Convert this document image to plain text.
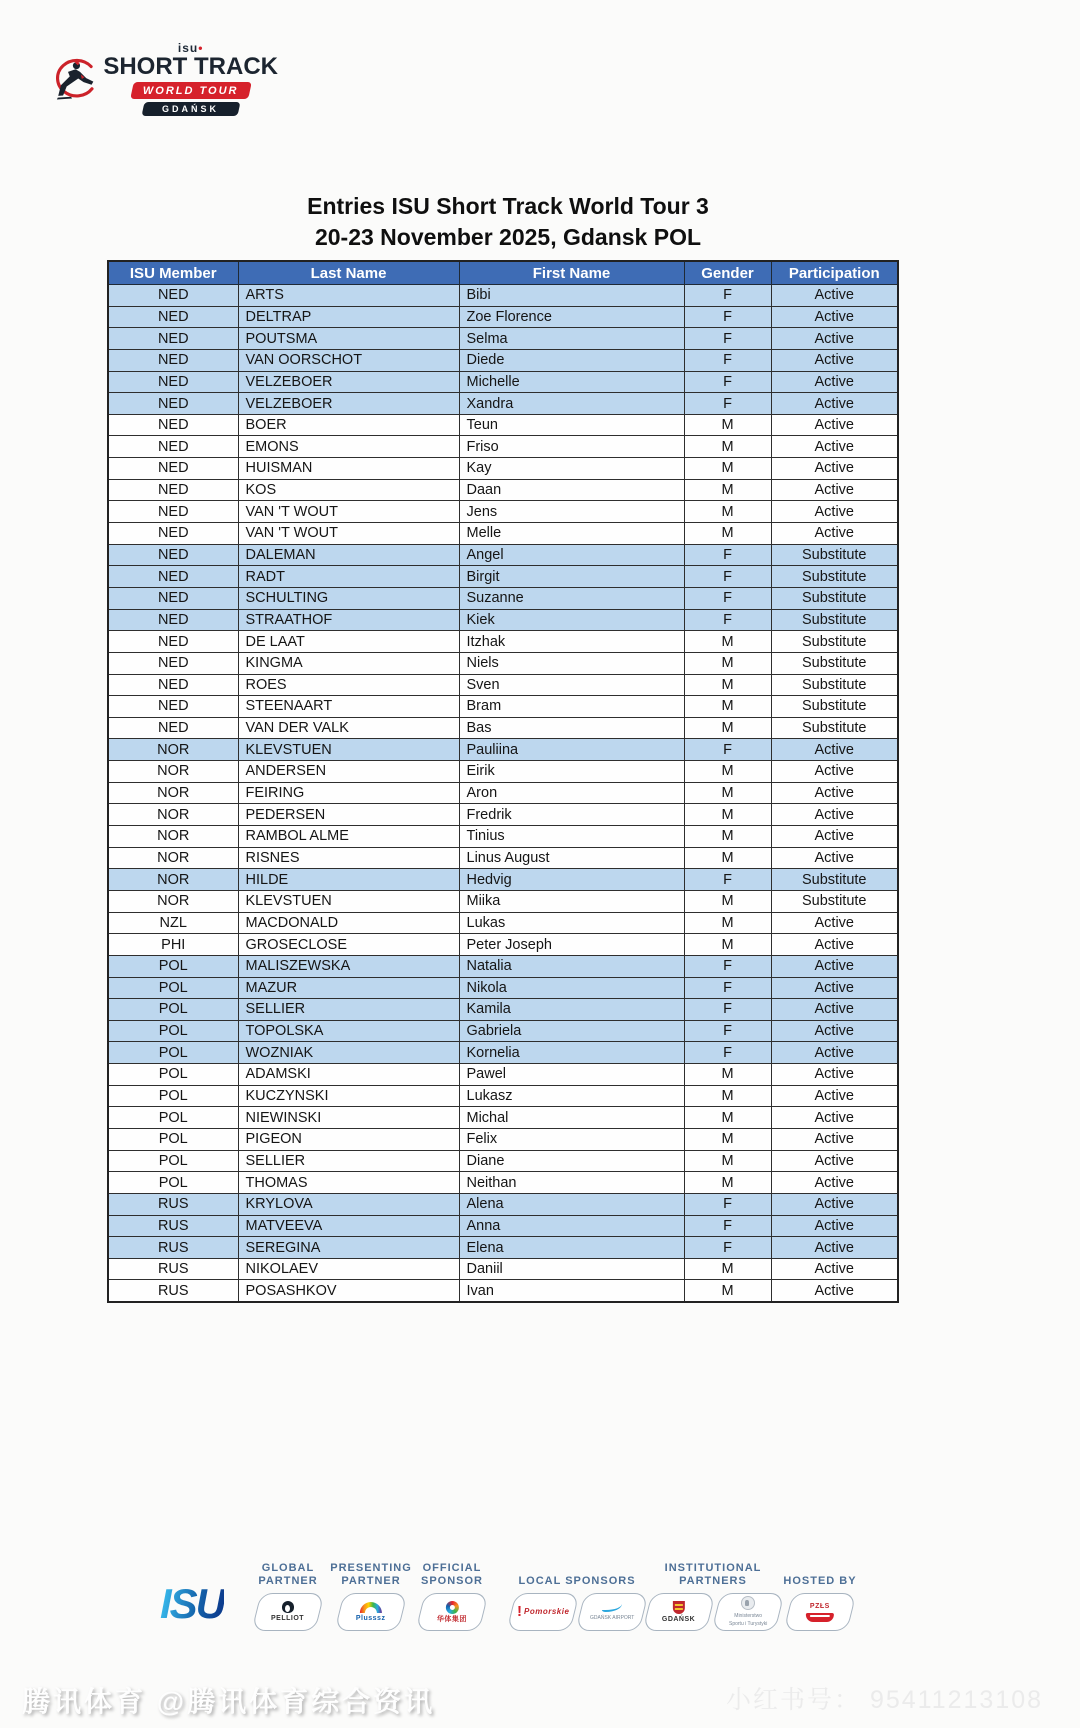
isu•
SHORT TRACK
WORLD TOUR
GDAŃSK
Entries ISU Short Track World Tour 3
20-23 November 2025, Gdansk POL
ISU Member	Last Name	First Name	Gender	Participation
NED	ARTS	Bibi	F	Active
NED	DELTRAP	Zoe Florence	F	Active
NED	POUTSMA	Selma	F	Active
NED	VAN OORSCHOT	Diede	F	Active
NED	VELZEBOER	Michelle	F	Active
NED	VELZEBOER	Xandra	F	Active
NED	BOER	Teun	M	Active
NED	EMONS	Friso	M	Active
NED	HUISMAN	Kay	M	Active
NED	KOS	Daan	M	Active
NED	VAN 'T WOUT	Jens	M	Active
NED	VAN 'T WOUT	Melle	M	Active
NED	DALEMAN	Angel	F	Substitute
NED	RADT	Birgit	F	Substitute
NED	SCHULTING	Suzanne	F	Substitute
NED	STRAATHOF	Kiek	F	Substitute
NED	DE LAAT	Itzhak	M	Substitute
NED	KINGMA	Niels	M	Substitute
NED	ROES	Sven	M	Substitute
NED	STEENAART	Bram	M	Substitute
NED	VAN DER VALK	Bas	M	Substitute
NOR	KLEVSTUEN	Pauliina	F	Active
NOR	ANDERSEN	Eirik	M	Active
NOR	FEIRING	Aron	M	Active
NOR	PEDERSEN	Fredrik	M	Active
NOR	RAMBOL ALME	Tinius	M	Active
NOR	RISNES	Linus August	M	Active
NOR	HILDE	Hedvig	F	Substitute
NOR	KLEVSTUEN	Miika	M	Substitute
NZL	MACDONALD	Lukas	M	Active
PHI	GROSECLOSE	Peter Joseph	M	Active
POL	MALISZEWSKA	Natalia	F	Active
POL	MAZUR	Nikola	F	Active
POL	SELLIER	Kamila	F	Active
POL	TOPOLSKA	Gabriela	F	Active
POL	WOZNIAK	Kornelia	F	Active
POL	ADAMSKI	Pawel	M	Active
POL	KUCZYNSKI	Lukasz	M	Active
POL	NIEWINSKI	Michal	M	Active
POL	PIGEON	Felix	M	Active
POL	SELLIER	Diane	M	Active
POL	THOMAS	Neithan	M	Active
RUS	KRYLOVA	Alena	F	Active
RUS	MATVEEVA	Anna	F	Active
RUS	SEREGINA	Elena	F	Active
RUS	NIKOLAEV	Daniil	M	Active
RUS	POSASHKOV	Ivan	M	Active
ISU
GLOBAL
PARTNER
PELLIOT
PRESENTING
PARTNER
Plusssz
OFFICIAL
SPONSOR
华体集团
LOCAL SPONSORS
! Pomorskie
GDAŃSK AIRPORT
INSTITUTIONAL
PARTNERS
GDAŃSK	Ministerstwo
Sportu i Turystyki
HOSTED BY
PZŁS
腾讯体育 @腾讯体育综合资讯	小红书号： 95411213108
